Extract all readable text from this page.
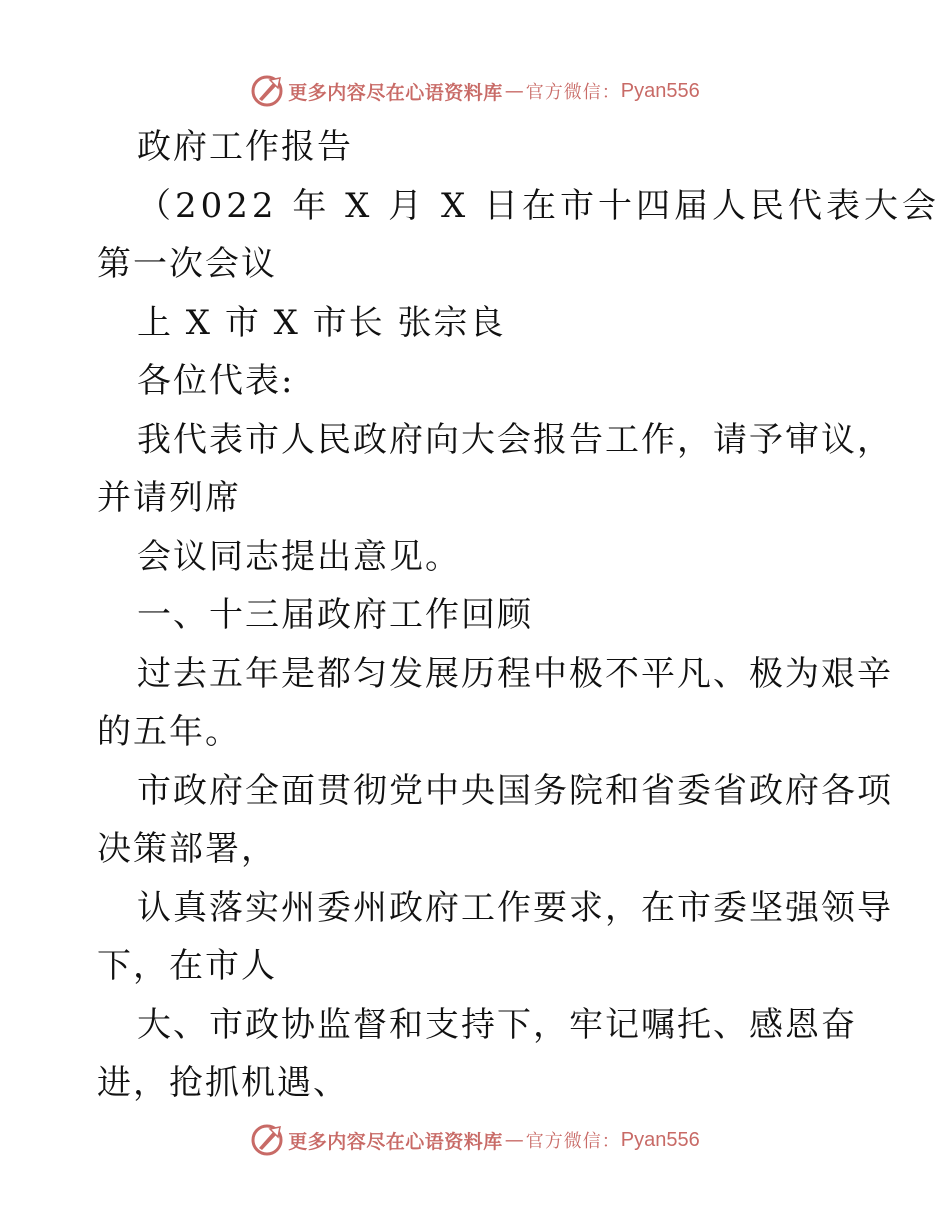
更多内容尽在心语资料库 — 官方微信： Pyan556
政府工作报告
（2022 年 X 月 X 日在市十四届人民代表大会
第一次会议
上 X 市 X 市长 张宗良
各位代表:
我代表市人民政府向大会报告工作，请予审议，
并请列席
会议同志提出意见。
一、十三届政府工作回顾
过去五年是都匀发展历程中极不平凡、极为艰辛
的五年。
市政府全面贯彻党中央国务院和省委省政府各项
决策部署，
认真落实州委州政府工作要求，在市委坚强领导
下，在市人
大、市政协监督和支持下，牢记嘱托、感恩奋
进，抢抓机遇、
更多内容尽在心语资料库 — 官方微信： Pyan556
